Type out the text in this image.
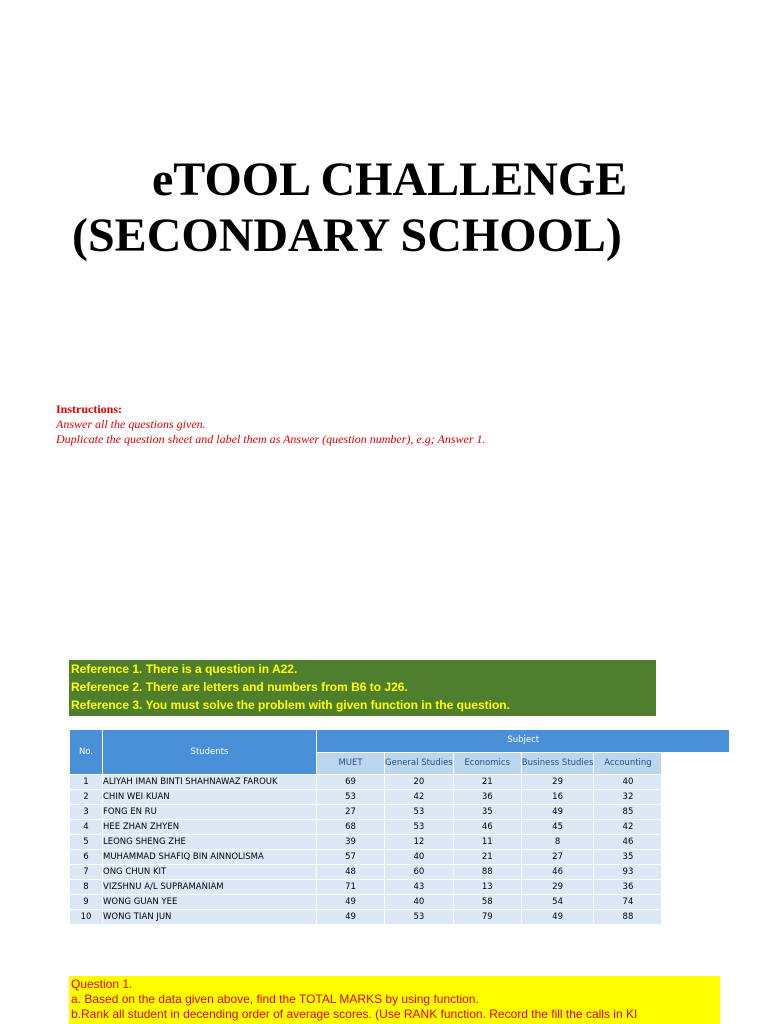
eTOOL CHALLENGE
(SECONDARY SCHOOL)
Instructions:
Answer all the questions given.
Duplicate the question sheet and label them as Answer (question number), e.g; Answer 1.
Reference 1. There is a question in A22.
Reference 2. There are letters and numbers from B6 to J26.
Reference 3. You must solve the problem with given function in the question.
No.	Students	Subject					
		MUET	General Studies	Economics	Business Studies	Accounting	
1	ALIYAH IMAN BINTI SHAHNAWAZ FAROUK	69	20	21	29	40	
2	CHIN WEI KUAN	53	42	36	16	32	
3	FONG EN RU	27	53	35	49	85	
4	HEE ZHAN ZHYEN	68	53	46	45	42	
5	LEONG SHENG ZHE	39	12	11	8	46	
6	MUHAMMAD SHAFIQ BIN AINNOLISMA	57	40	21	27	35	
7	ONG CHUN KIT	48	60	88	46	93	
8	VIZSHNU A/L SUPRAMANIAM	71	43	13	29	36	
9	WONG GUAN YEE	49	40	58	54	74	
10	WONG TIAN JUN	49	53	79	49	88	
Question 1.
a. Based on the data given above, find the TOTAL MARKS by using function.
b.Rank all student in decending order of average scores. (Use RANK function. Record the fill the calls in KI
